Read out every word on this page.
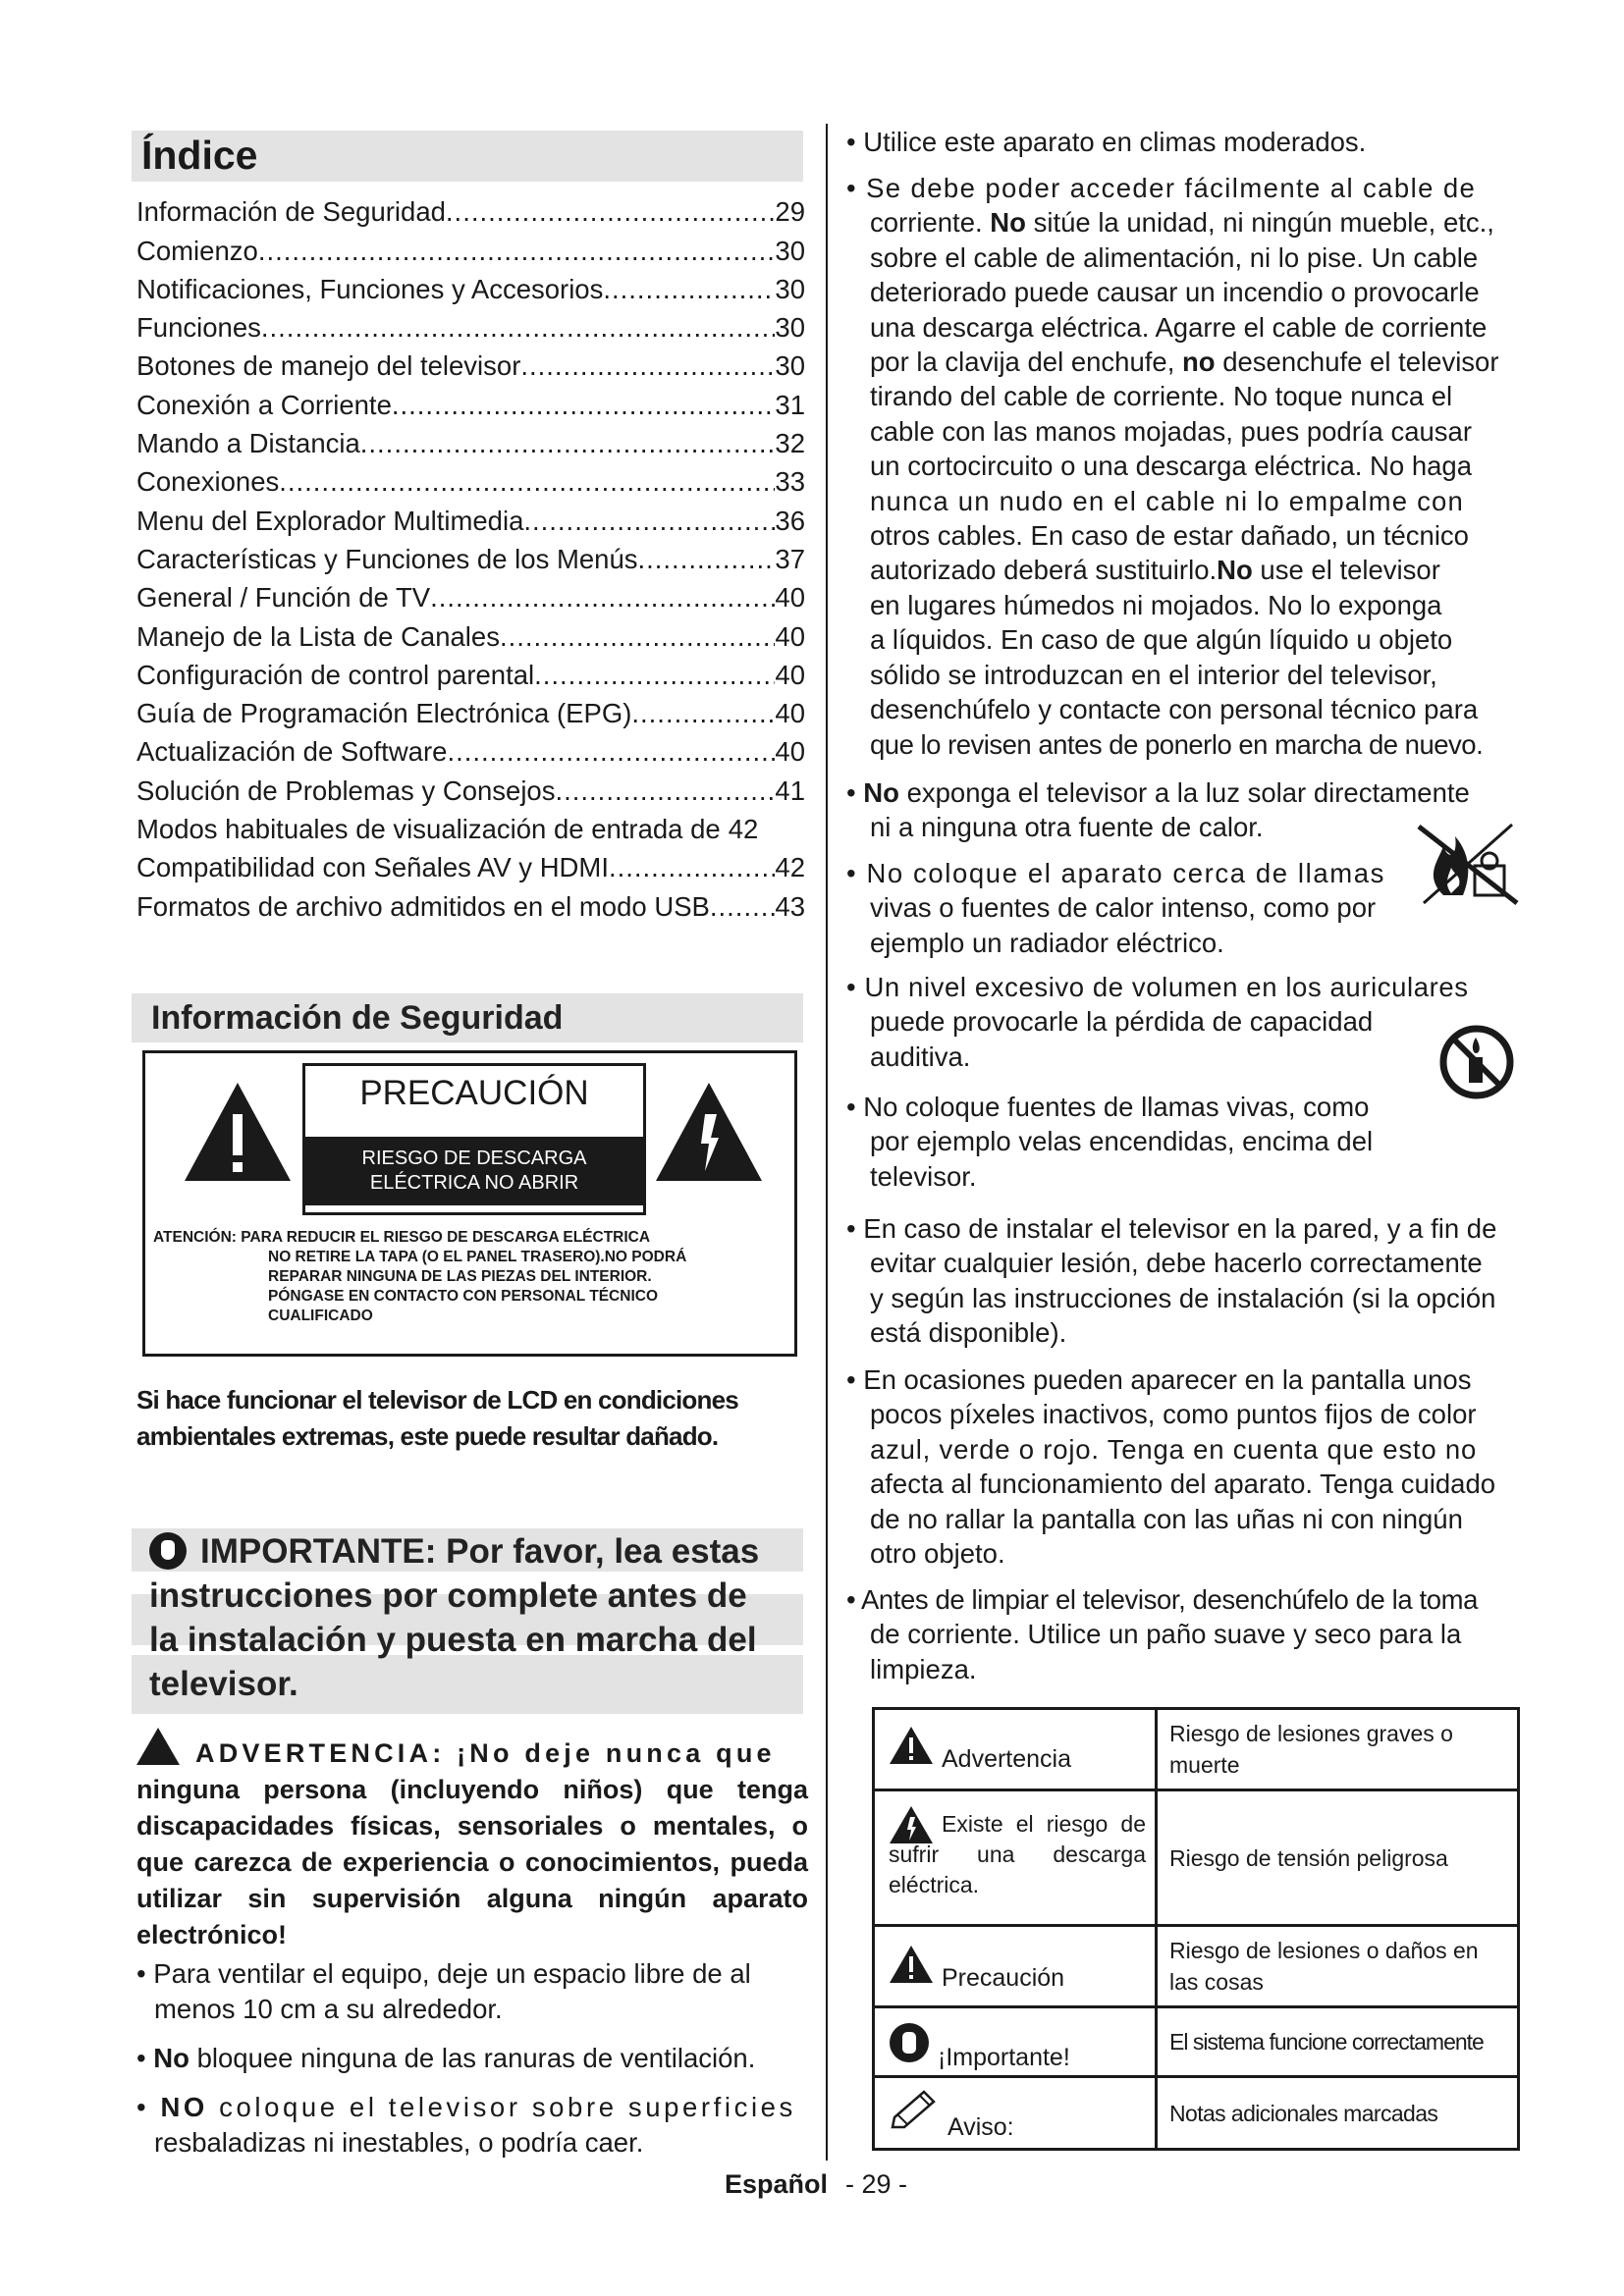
Índice
Información de Seguridad .....	29
Comienzo .....	30
Notificaciones, Funciones y Accesorios .....	30
Funciones .....	30
Botones de manejo del televisor .....	30
Conexión a Corriente .....	31
Mando a Distancia .....	32
Conexiones .....	33
Menu del Explorador Multimedia .....	36
Características y Funciones de los Menús .....	37
General / Función de TV .....	40
Manejo de la Lista de Canales .....	40
Configuración de control parental .....	40
Guía de Programación Electrónica (EPG) .....	40
Actualización de Software .....	40
Solución de Problemas y Consejos .....	41
Modos habituales de visualización de entrada de 42
Compatibilidad con Señales AV y HDMI .....	42
Formatos de archivo admitidos en el modo USB ..... 43
Información de Seguridad
PRECAUCIÓN
RIESGO DE DESCARGA
ELÉCTRICA NO ABRIR
ATENCIÓN: PARA REDUCIR EL RIESGO DE DESCARGA ELÉCTRICA
NO RETIRE LA TAPA (O EL PANEL TRASERO).NO PODRÁ
REPARAR NINGUNA DE LAS PIEZAS DEL INTERIOR.
PÓNGASE EN CONTACTO CON PERSONAL TÉCNICO
CUALIFICADO
Si hace funcionar el televisor de LCD en condiciones ambientales extremas, este puede resultar dañado.
IMPORTANTE: Por favor, lea estas
instrucciones por complete antes de
la instalación y puesta en marcha del
televisor.
ADVERTENCIA: ¡No deje nunca que
ninguna persona (incluyendo niños) que tenga discapacidades físicas, sensoriales o mentales, o que carezca de experiencia o conocimientos, pueda utilizar sin supervisión alguna ningún aparato electrónico!
• Para ventilar el equipo, deje un espacio libre de al
menos 10 cm a su alrededor.
• No bloquee ninguna de las ranuras de ventilación.
• NO coloque el televisor sobre superficies
resbaladizas ni inestables, o podría caer.
• Utilice este aparato en climas moderados.
• Se debe poder acceder fácilmente al cable de
corriente. No sitúe la unidad, ni ningún mueble, etc.,
sobre el cable de alimentación, ni lo pise. Un cable
deteriorado puede causar un incendio o provocarle
una descarga eléctrica. Agarre el cable de corriente
por la clavija del enchufe, no desenchufe el televisor
tirando del cable de corriente. No toque nunca el
cable con las manos mojadas, pues podría causar
un cortocircuito o una descarga eléctrica. No haga
nunca un nudo en el cable ni lo empalme con
otros cables. En caso de estar dañado, un técnico
autorizado deberá sustituirlo.No use el televisor
en lugares húmedos ni mojados. No lo exponga
a líquidos. En caso de que algún líquido u objeto
sólido se introduzcan en el interior del televisor,
desenchúfelo y contacte con personal técnico para
que lo revisen antes de ponerlo en marcha de nuevo.
• No exponga el televisor a la luz solar directamente
ni a ninguna otra fuente de calor.
• No coloque el aparato cerca de llamas
vivas o fuentes de calor intenso, como por
ejemplo un radiador eléctrico.
• Un nivel excesivo de volumen en los auriculares
puede provocarle la pérdida de capacidad
auditiva.
• No coloque fuentes de llamas vivas, como
por ejemplo velas encendidas, encima del
televisor.
• En caso de instalar el televisor en la pared, y a fin de
evitar cualquier lesión, debe hacerlo correctamente
y según las instrucciones de instalación (si la opción
está disponible).
• En ocasiones pueden aparecer en la pantalla unos
pocos píxeles inactivos, como puntos fijos de color
azul, verde o rojo. Tenga en cuenta que esto no
afecta al funcionamiento del aparato. Tenga cuidado
de no rallar la pantalla con las uñas ni con ningún
otro objeto.
• Antes de limpiar el televisor, desenchúfelo de la toma
de corriente. Utilice un paño suave y seco para la
limpieza.
Advertencia	Riesgo de lesiones graves o muerte

Existe el riesgo de sufrir una descarga eléctrica.	Riesgo de tensión peligrosa

Precaución	Riesgo de lesiones o daños en las cosas

¡Importante!	El sistema funcione correctamente

Aviso:	Notas adicionales marcadas
Español - 29 -
